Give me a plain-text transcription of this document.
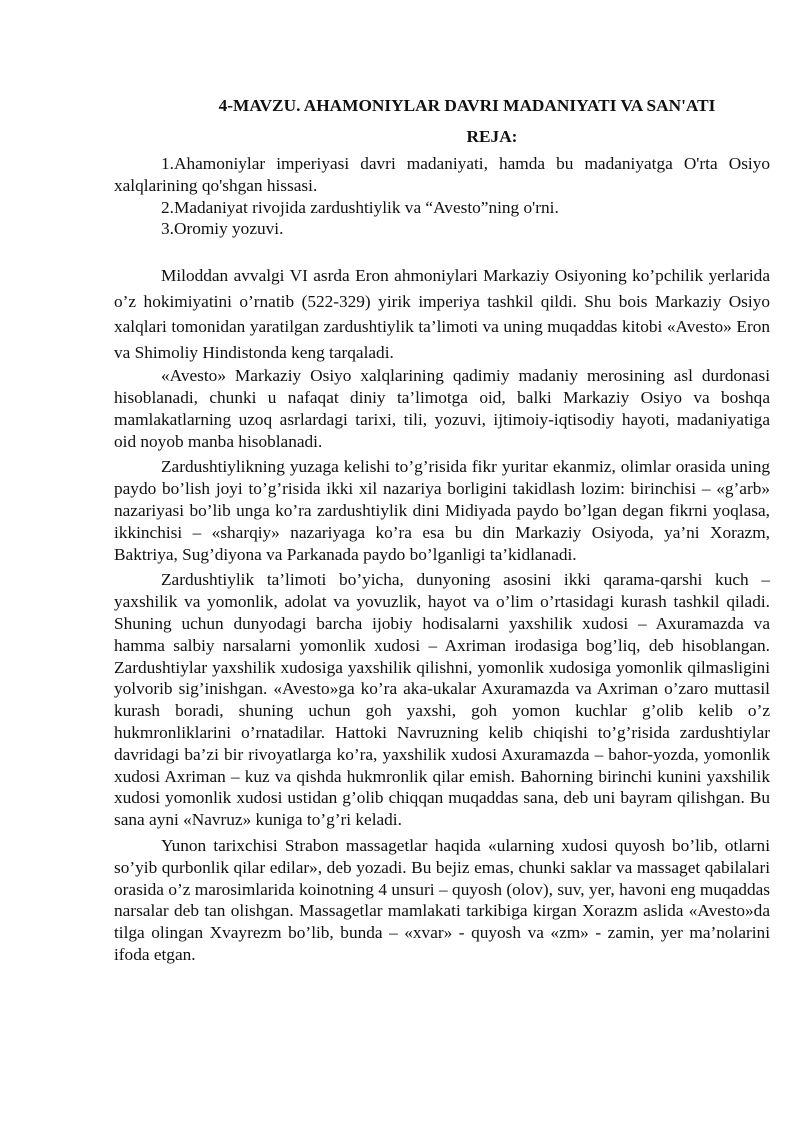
4-MAVZU. AHAMONIYLAR DAVRI MADANIYATI VA SAN'ATI
REJA:

1.Ahamoniylar imperiyasi davri madaniyati, hamda bu madaniyatga O'rta Osiyo xalqlarining qo'shgan hissasi.

2.Madaniyat rivojida zardushtiylik va “Avesto”ning o'rni.

3.Oromiy yozuvi.

Miloddan avvalgi VI asrda Eron ahmoniylari Markaziy Osiyoning ko’pchilik yerlarida o’z hokimiyatini o’rnatib (522-329) yirik imperiya tashkil qildi. Shu bois Markaziy Osiyo xalqlari tomonidan yaratilgan zardushtiylik ta’limoti va uning muqaddas kitobi «Avesto» Eron va Shimoliy Hindistonda keng tarqaladi.

«Avesto» Markaziy Osiyo xalqlarining qadimiy madaniy merosining asl durdonasi hisoblanadi, chunki u nafaqat diniy ta’limotga oid, balki Markaziy Osiyo va boshqa mamlakatlarning uzoq asrlardagi tarixi, tili, yozuvi, ijtimoiy-iqtisodiy hayoti, madaniyatiga oid noyob manba hisoblanadi.

Zardushtiylikning yuzaga kelishi to’g’risida fikr yuritar ekanmiz, olimlar orasida uning paydo bo’lish joyi to’g’risida ikki xil nazariya borligini takidlash lozim: birinchisi – «g’arb» nazariyasi bo’lib unga ko’ra zardushtiylik dini Midiyada paydo bo’lgan degan fikrni yoqlasa, ikkinchisi – «sharqiy» nazariyaga ko’ra esa bu din Markaziy Osiyoda, ya’ni Xorazm, Baktriya, Sug’diyona va Parkanada paydo bo’lganligi ta’kidlanadi.

Zardushtiylik ta’limoti bo’yicha, dunyoning asosini ikki qarama-qarshi kuch – yaxshilik va yomonlik, adolat va yovuzlik, hayot va o’lim o’rtasidagi kurash tashkil qiladi. Shuning uchun dunyodagi barcha ijobiy hodisalarni yaxshilik xudosi – Axuramazda va hamma salbiy narsalarni yomonlik xudosi – Axriman irodasiga bog’liq, deb hisoblangan. Zardushtiylar yaxshilik xudosiga yaxshilik qilishni, yomonlik xudosiga yomonlik qilmasligini yolvorib sig’inishgan. «Avesto»ga ko’ra aka-ukalar Axuramazda va Axriman o’zaro muttasil kurash boradi, shuning uchun goh yaxshi, goh yomon kuchlar g’olib kelib o’z hukmronliklarini o’rnatadilar. Hattoki Navruzning kelib chiqishi to’g’risida zardushtiylar davridagi ba’zi bir rivoyatlarga ko’ra, yaxshilik xudosi Axuramazda – bahor-yozda, yomonlik xudosi Axriman – kuz va qishda hukmronlik qilar emish. Bahorning birinchi kunini yaxshilik xudosi yomonlik xudosi ustidan g’olib chiqqan muqaddas sana, deb uni bayram qilishgan. Bu sana ayni «Navruz» kuniga to’g’ri keladi.

Yunon tarixchisi Strabon massagetlar haqida «ularning xudosi quyosh bo’lib, otlarni so’yib qurbonlik qilar edilar», deb yozadi. Bu bejiz emas, chunki saklar va massaget qabilalari orasida o’z marosimlarida koinotning 4 unsuri – quyosh (olov), suv, yer, havoni eng muqaddas narsalar deb tan olishgan. Massagetlar mamlakati tarkibiga kirgan Xorazm aslida «Avesto»da tilga olingan Xvayrezm bo’lib, bunda – «xvar» - quyosh va «zm» - zamin, yer ma’nolarini ifoda etgan.
